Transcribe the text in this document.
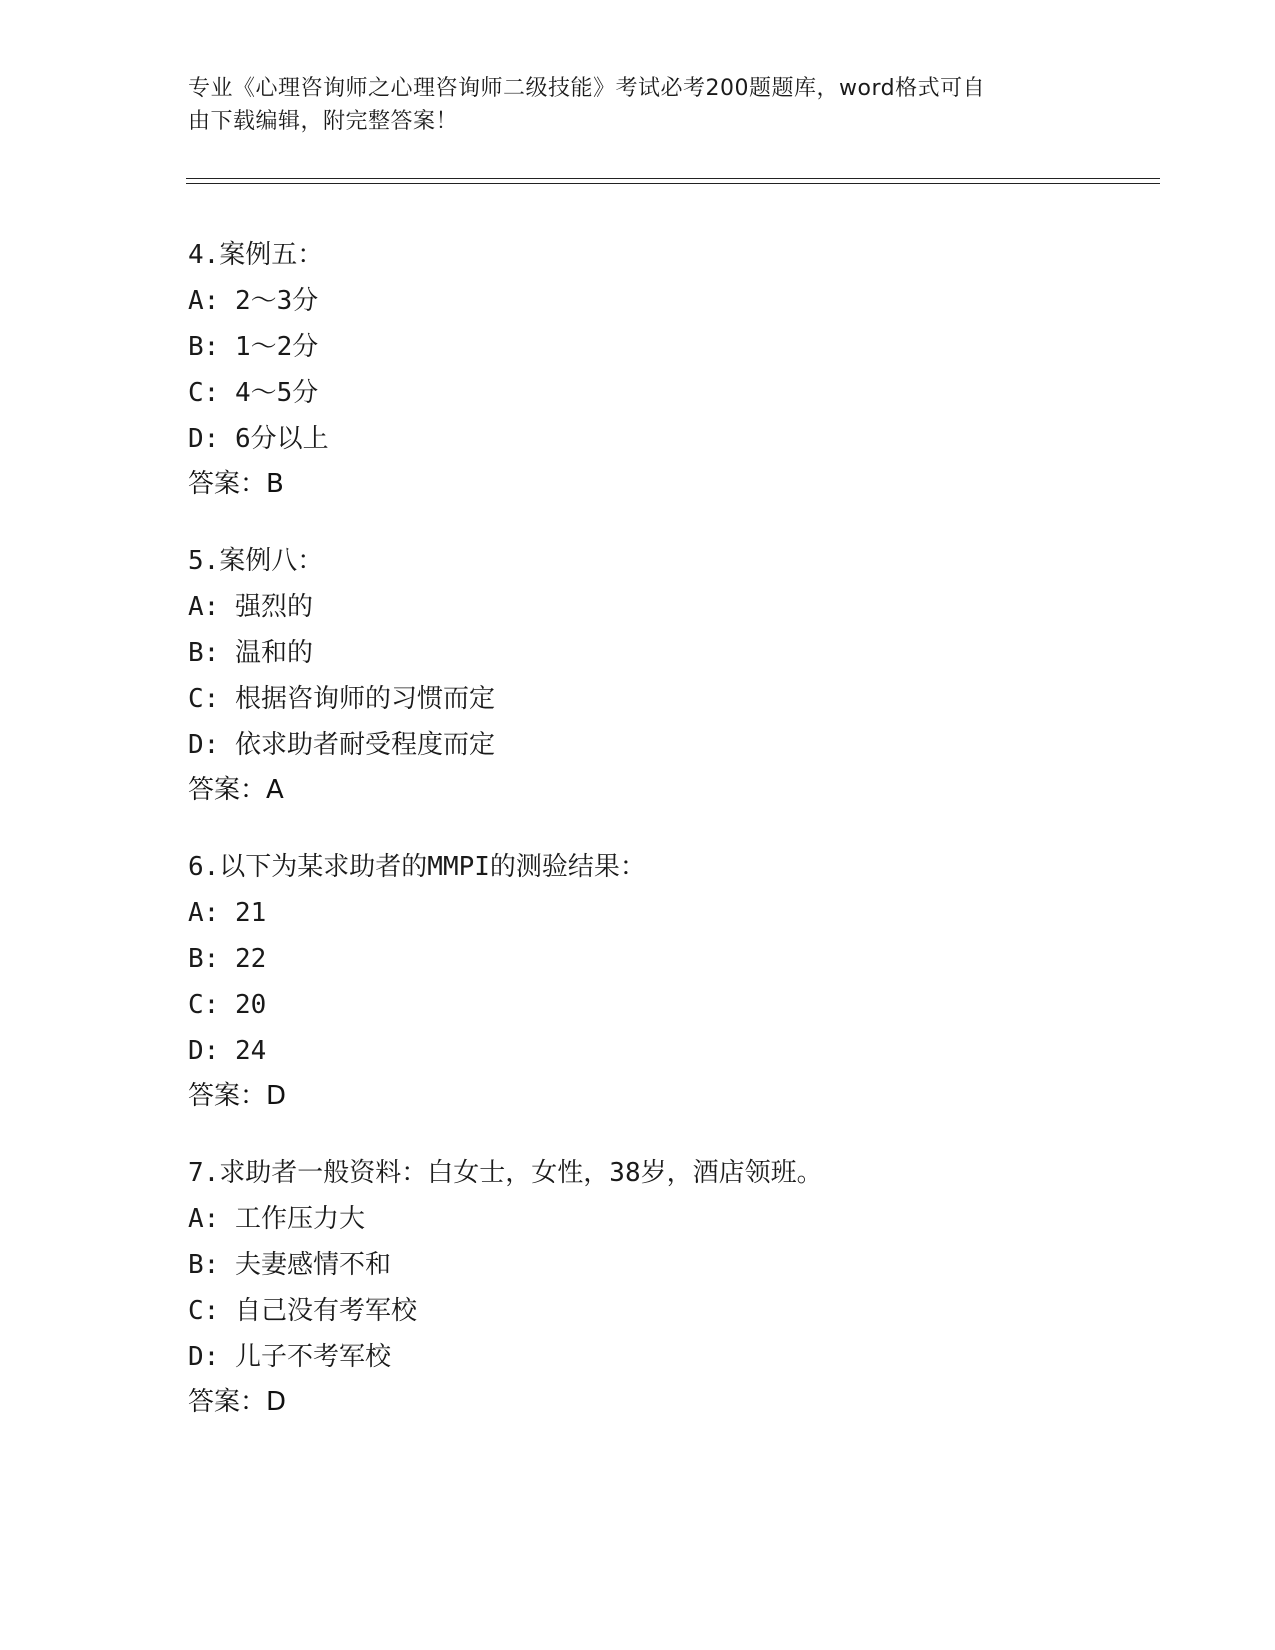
专业《心理咨询师之心理咨询师二级技能》考试必考200题题库，word格式可自
由下载编辑，附完整答案！
4.案例五：
A: 2～3分
B: 1～2分
C: 4～5分
D: 6分以上
答案：B
5.案例八：
A: 强烈的
B: 温和的
C: 根据咨询师的习惯而定
D: 依求助者耐受程度而定
答案：A
6.以下为某求助者的MMPI的测验结果：
A: 21
B: 22
C: 20
D: 24
答案：D
7.求助者一般资料：白女士，女性，38岁，酒店领班。
A: 工作压力大
B: 夫妻感情不和
C: 自己没有考军校
D: 儿子不考军校
答案：D
